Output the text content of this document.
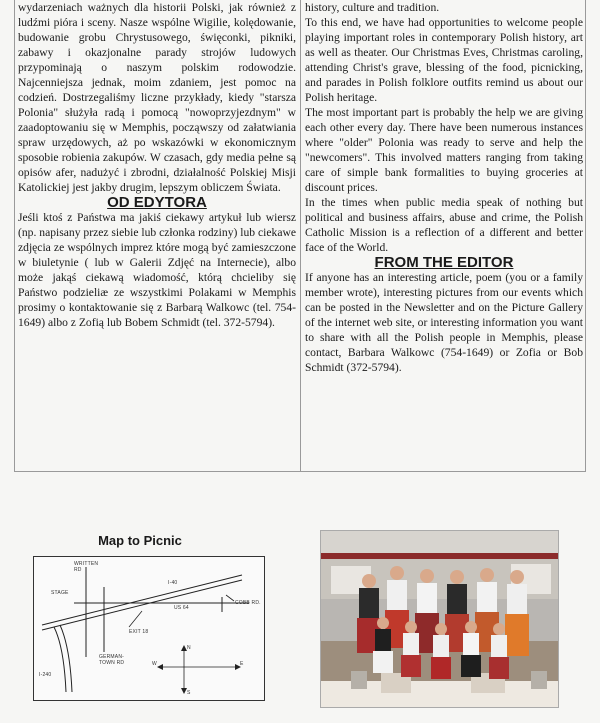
wydarzeniach ważnych dla historii Polski, jak również z ludźmi pióra i sceny. Nasze wspólne Wigilie, kolędowanie, budowanie grobu Chrystusowego, święconki, pikniki, zabawy i okazjonalne parady strojów ludowych przypominają o naszym polskim rodowodzie. Najcenniejsza jednak, moim zdaniem, jest pomoc na codzień. Dostrzegaliśmy liczne przykłady, kiedy "starsza Polonia" służyła radą i pomocą "nowoprzyjezdnym" w zaadoptowaniu się w Memphis, począwszy od załatwiania spraw urzędowych, aż po wskazówki w ekonomicznym sposobie robienia zakupów. W czasach, gdy media pełne są opisów afer, nadużyć i zbrodni, działalność Polskiej Misji Katolickiej jest jakby drugim, lepszym obliczem Świata.

OD EDYTORA

Jeśli ktoś z Państwa ma jakiś ciekawy artykuł lub wiersz (np. napisany przez siebie lub członka rodziny) lub ciekawe zdjęcia ze wspólnych imprez które mogą być zamieszczone w biuletynie ( lub w Galerii Zdjęć na Internecie), albo może jakąś ciekawą wiadomość, którą chcieliby się Państwo podzieliæ ze wszystkimi Polakami w Memphis prosimy o kontaktowanie się z Barbarą Walkowc (tel. 754-1649) albo z Zofią lub Bobem Schmidt (tel. 372-5794).

history, culture and tradition.

To this end, we have had opportunities to welcome people playing important roles in contemporary Polish history, art as well as theater. Our Christmas Eves, Christmas caroling, attending Christ's grave, blessing of the food, picnicking, and parades in Polish folklore outfits remind us about our Polish heritage.

The most important part is probably the help we are giving each other every day. There have been numerous instances where "older" Polonia was ready to serve and help the "newcomers". This involved matters ranging from taking care of simple bank formalities to buying groceries at discount prices.

In the times when public media speak of nothing but political and business affairs, abuse and crime, the Polish Catholic Mission is a reflection of a different and better face of the World.

FROM THE EDITOR

If anyone has an interesting article, poem (you or a family member wrote), interesting pictures from our events which can be posted in the Newsletter and on the Picture Gallery of the internet web site, or interesting information you want to share with all the Polish people in Memphis, please contact, Barbara Walkowc (754-1649) or Zofia or Bob Schmidt (372-5794).

Map to Picnic
WRITTEN RD
I-40
STAGE
COBB RD.
US 64
EXIT 18
GERMAN-TOWN RD
I-240
N
S
E
W
